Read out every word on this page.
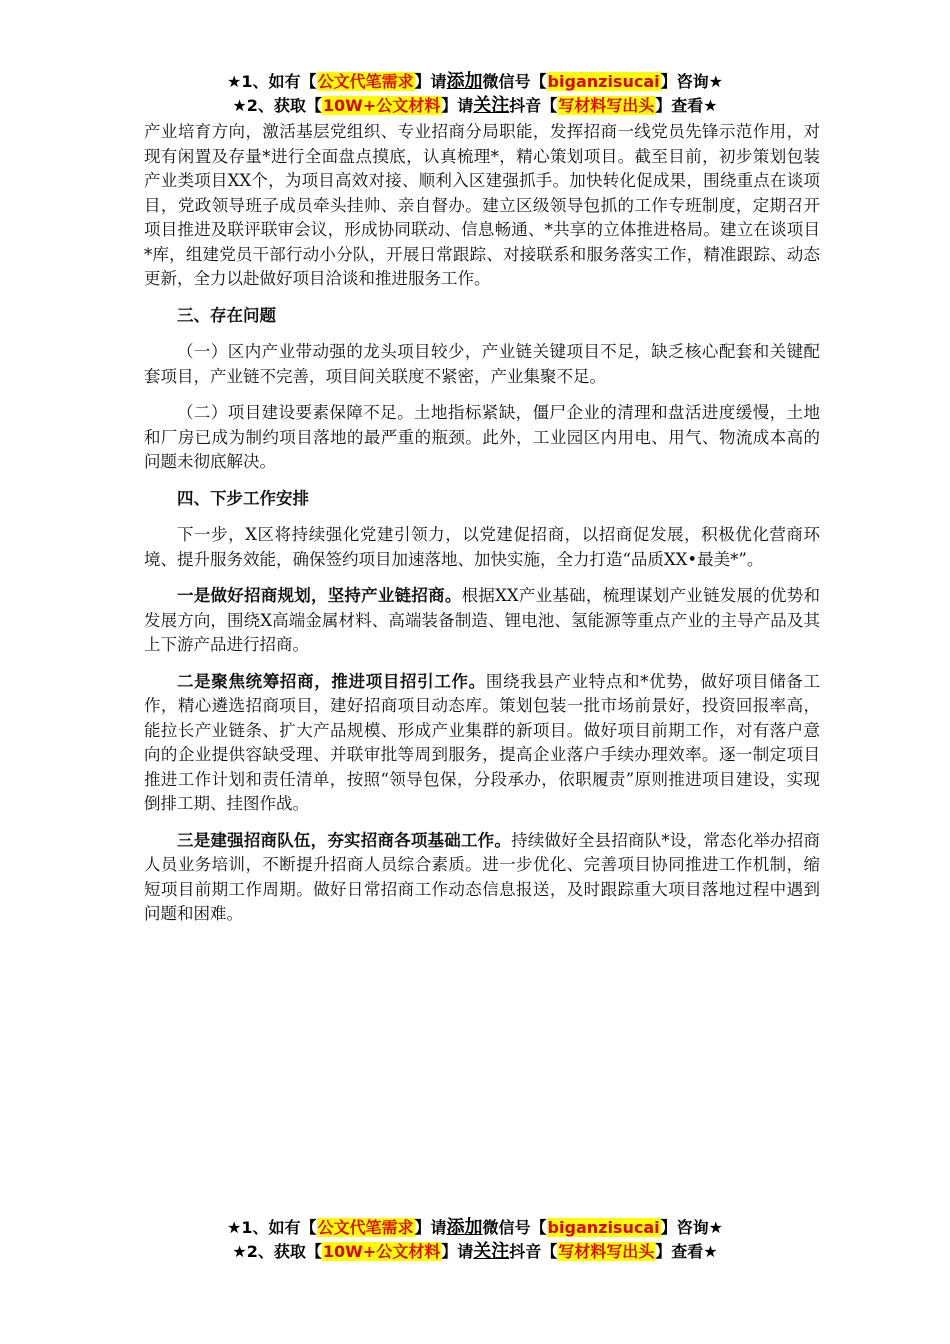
★1、如有【公文代笔需求】请添加微信号【biganzisucai】咨询★
★2、获取【10W+公文材料】请关注抖音【写材料写出头】查看★

产业培育方向，激活基层党组织、专业招商分局职能，发挥招商一线党员先锋示范作用，对现有闲置及存量*进行全面盘点摸底，认真梳理*，精心策划项目。截至目前，初步策划包装产业类项目XX个，为项目高效对接、顺利入区建强抓手。加快转化促成果，围绕重点在谈项目，党政领导班子成员牵头挂帅、亲自督办。建立区级领导包抓的工作专班制度，定期召开项目推进及联评联审会议，形成协同联动、信息畅通、*共享的立体推进格局。建立在谈项目*库，组建党员干部行动小分队，开展日常跟踪、对接联系和服务落实工作，精准跟踪、动态更新，全力以赴做好项目洽谈和推进服务工作。

三、存在问题

（一）区内产业带动强的龙头项目较少，产业链关键项目不足，缺乏核心配套和关键配套项目，产业链不完善，项目间关联度不紧密，产业集聚不足。

（二）项目建设要素保障不足。土地指标紧缺，僵尸企业的清理和盘活进度缓慢，土地和厂房已成为制约项目落地的最严重的瓶颈。此外，工业园区内用电、用气、物流成本高的问题未彻底解决。

四、下步工作安排

下一步，X区将持续强化党建引领力，以党建促招商，以招商促发展，积极优化营商环境、提升服务效能，确保签约项目加速落地、加快实施，全力打造“品质XX•最美*”。

一是做好招商规划，坚持产业链招商。根据XX产业基础，梳理谋划产业链发展的优势和发展方向，围绕X高端金属材料、高端装备制造、锂电池、氢能源等重点产业的主导产品及其上下游产品进行招商。

二是聚焦统筹招商，推进项目招引工作。围绕我县产业特点和*优势，做好项目储备工作，精心遴选招商项目，建好招商项目动态库。策划包装一批市场前景好，投资回报率高，能拉长产业链条、扩大产品规模、形成产业集群的新项目。做好项目前期工作，对有落户意向的企业提供容缺受理、并联审批等周到服务，提高企业落户手续办理效率。逐一制定项目推进工作计划和责任清单，按照“领导包保，分段承办，依职履责”原则推进项目建设，实现倒排工期、挂图作战。

三是建强招商队伍，夯实招商各项基础工作。持续做好全县招商队*设，常态化举办招商人员业务培训，不断提升招商人员综合素质。进一步优化、完善项目协同推进工作机制，缩短项目前期工作周期。做好日常招商工作动态信息报送，及时跟踪重大项目落地过程中遇到问题和困难。

★1、如有【公文代笔需求】请添加微信号【biganzisucai】咨询★
★2、获取【10W+公文材料】请关注抖音【写材料写出头】查看★
